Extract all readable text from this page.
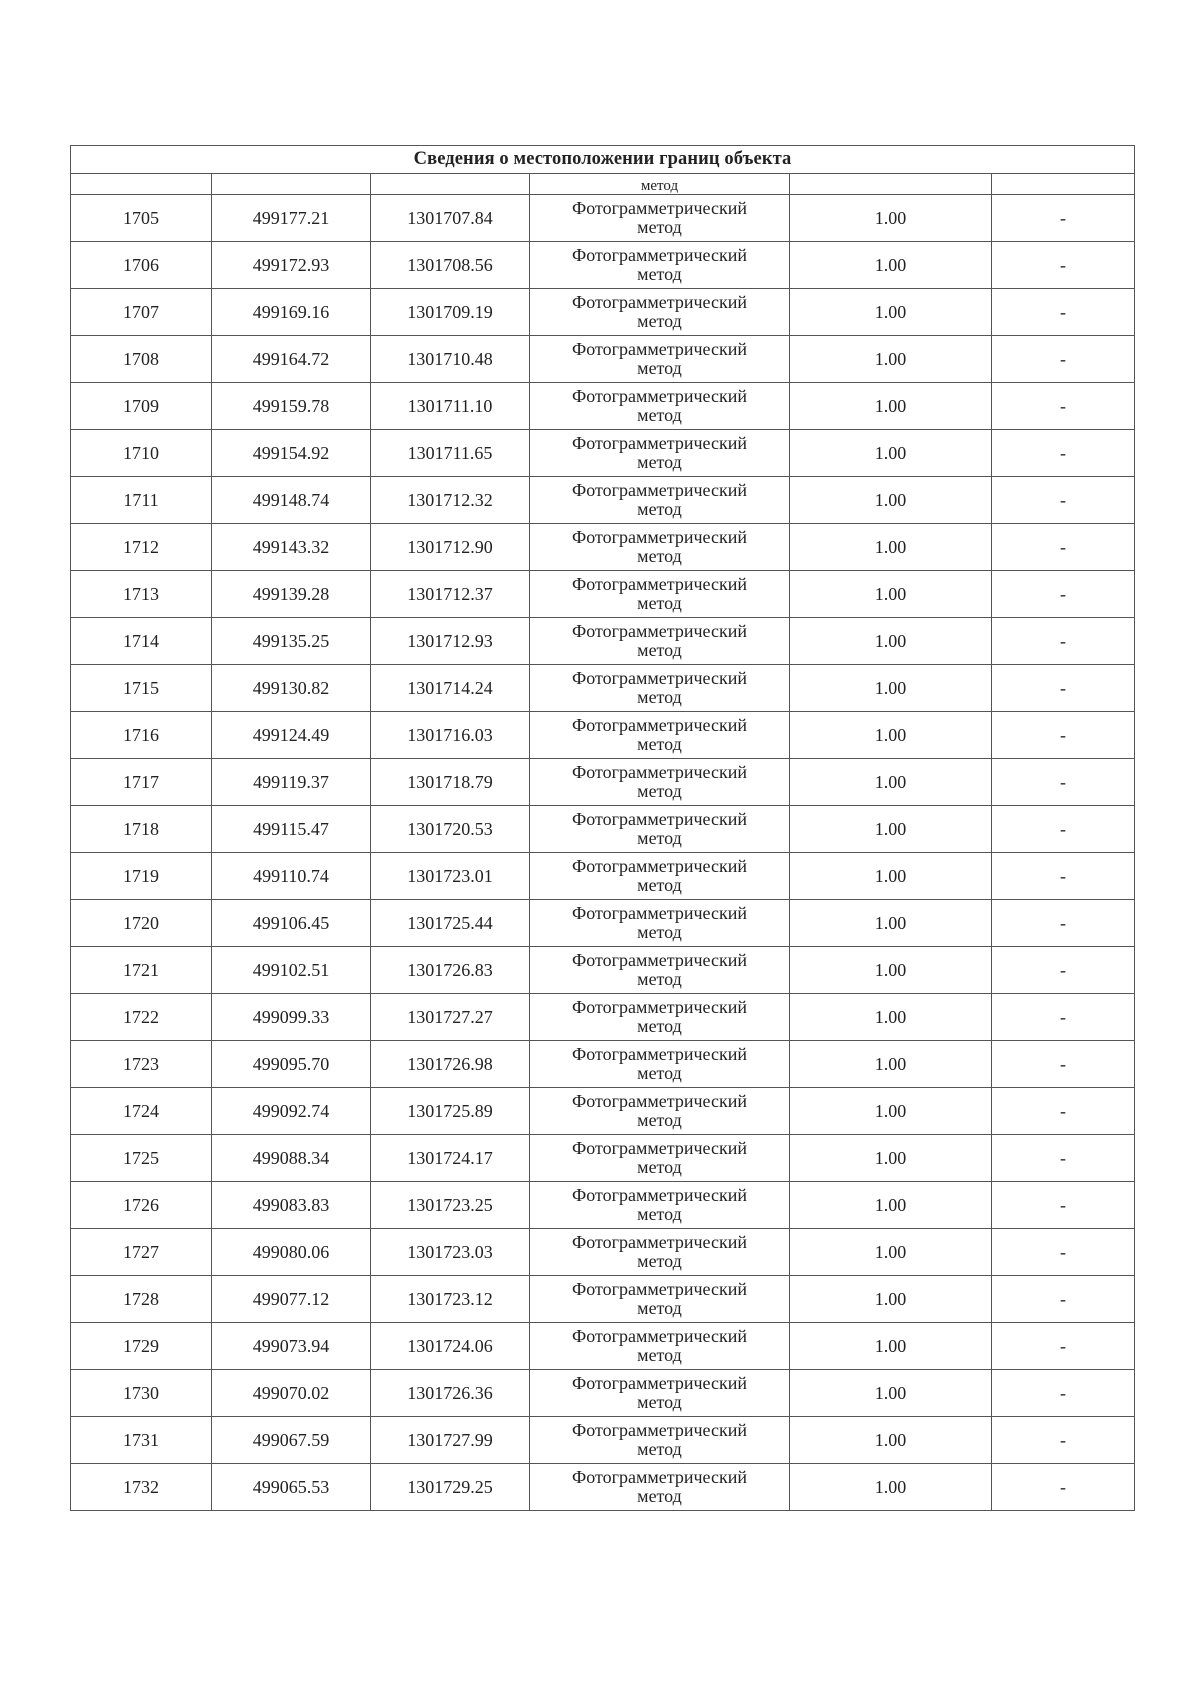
Сведения о местоположении границ объекта					
			метод		
1705	499177.21	1301707.84	Фотограмметрический
метод	1.00	-
1706	499172.93	1301708.56	Фотограмметрический
метод	1.00	-
1707	499169.16	1301709.19	Фотограмметрический
метод	1.00	-
1708	499164.72	1301710.48	Фотограмметрический
метод	1.00	-
1709	499159.78	1301711.10	Фотограмметрический
метод	1.00	-
1710	499154.92	1301711.65	Фотограмметрический
метод	1.00	-
1711	499148.74	1301712.32	Фотограмметрический
метод	1.00	-
1712	499143.32	1301712.90	Фотограмметрический
метод	1.00	-
1713	499139.28	1301712.37	Фотограмметрический
метод	1.00	-
1714	499135.25	1301712.93	Фотограмметрический
метод	1.00	-
1715	499130.82	1301714.24	Фотограмметрический
метод	1.00	-
1716	499124.49	1301716.03	Фотограмметрический
метод	1.00	-
1717	499119.37	1301718.79	Фотограмметрический
метод	1.00	-
1718	499115.47	1301720.53	Фотограмметрический
метод	1.00	-
1719	499110.74	1301723.01	Фотограмметрический
метод	1.00	-
1720	499106.45	1301725.44	Фотограмметрический
метод	1.00	-
1721	499102.51	1301726.83	Фотограмметрический
метод	1.00	-
1722	499099.33	1301727.27	Фотограмметрический
метод	1.00	-
1723	499095.70	1301726.98	Фотограмметрический
метод	1.00	-
1724	499092.74	1301725.89	Фотограмметрический
метод	1.00	-
1725	499088.34	1301724.17	Фотограмметрический
метод	1.00	-
1726	499083.83	1301723.25	Фотограмметрический
метод	1.00	-
1727	499080.06	1301723.03	Фотограмметрический
метод	1.00	-
1728	499077.12	1301723.12	Фотограмметрический
метод	1.00	-
1729	499073.94	1301724.06	Фотограмметрический
метод	1.00	-
1730	499070.02	1301726.36	Фотограмметрический
метод	1.00	-
1731	499067.59	1301727.99	Фотограмметрический
метод	1.00	-
1732	499065.53	1301729.25	Фотограмметрический
метод	1.00	-
